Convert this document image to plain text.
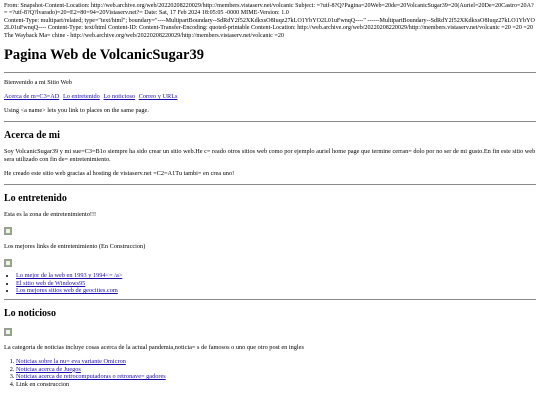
From: Snapshot-Content-Location: http://web.archive.org/web/20220208220029/http://members.vistaserv.net/volcanic Subject: =?utf-8?Q?Pagina=20Web=20de=20VolcanicSugar39=20(Auriel=20De=20Castro=20A?= =?utf-8?Q?lvarado)=20=E2=80=94=20Vistaserv.net?= Date: Sat, 17 Feb 2024 18:05:05 -0000 MIME-Version: 1.0
Content-Type: multipart/related; type="text/html"; boundary="----MultipartBoundary--SdRdY2f52XKdkxsO8Iuqz27kLO1YbYO2L01uFwnqQ----" ------MultipartBoundary--SdRdY2f52XKdkxsO8Iuqz27kLO1YbYO2L01uFwnqQ---- Content-Type: text/html Content-ID: Content-Transfer-Encoding: quoted-printable Content-Location: http://web.archive.org/web/20220208220029/http://members.vistaserv.net/volcanic =20 =20 =20
The Wayback Ma= chine - http://web.archive.org/web/20220208220029/http://members.vistaserv.net/volcanic =20
Pagina Web de VolcanicSugar39

Bienvenido a mi Sitio Web

Acerca de m=C3=AD Lo entretenido Lo noticioso Correo y URLs

Using <a name> lets you link to places on the same page.

Acerca de mi

Soy VolcanicSugar39 y mi sue=C3=B1o siempre ha sido crear un sitio web.He c= reado otros sitios web como por ejemplo auriel home page que termine cerran= dolo por no ser de mi gusto.En fin este sitio web sera utilizado con fin de= entretenimiento.

He creado este sitio web gracias al hosting de vistaserv.net =C2=A1Tu tambi= en crea uno!

Lo entretenido

Esta es la zona de entretenimiento!!!

Los mejores links de entretenimiento (En Construccion)

• Lo mejor de la web en 1993 y 1994<= /a>
• El sitio web de Windows95
• Los mejores sitios web de geocities.com
Lo noticioso

La categoria de noticias incluye cosas acerca de la actual pandemia,noticia= s de famosos o uno que otro post en ingles

1. Noticias sobre la nu= eva variante Omicron
2. Noticias acerca de Juegos
3. Noticias acerca de retrocomputadoras o retronave= gadores
4. Link en construccion
